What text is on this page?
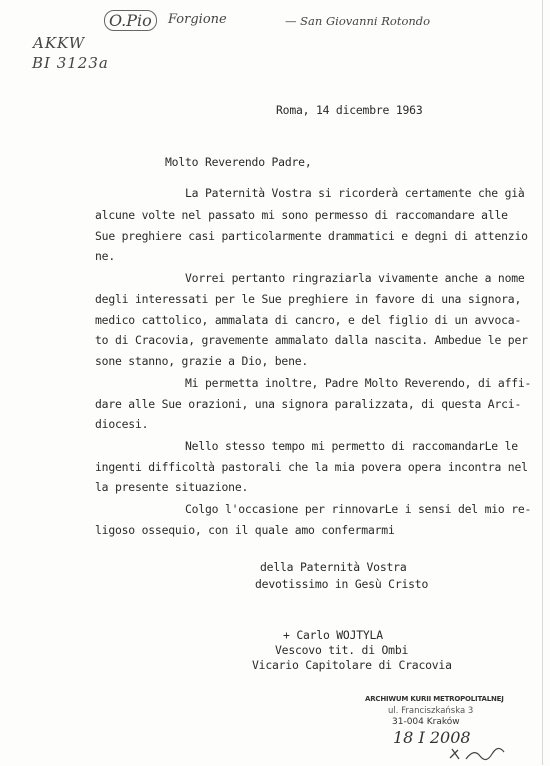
O.Pio	Forgione	— San Giovanni Rotondo
AKKW
BI 3123a
Roma, 14 dicembre 1963
Molto Reverendo Padre,
La Paternità Vostra si ricorderà certamente che già
alcune volte nel passato mi sono permesso di raccomandare alle
Sue preghiere casi particolarmente drammatici e degni di attenzio
ne.
Vorrei pertanto ringraziarla vivamente anche a nome
degli interessati per le Sue preghiere in favore di una signora,
medico cattolico, ammalata di cancro, e del figlio di un avvoca-
to di Cracovia, gravemente ammalato dalla nascita. Ambedue le per
sone stanno, grazie a Dio, bene.
Mi permetta inoltre, Padre Molto Reverendo, di affi-
dare alle Sue orazioni, una signora paralizzata, di questa Arci-
diocesi.
Nello stesso tempo mi permetto di raccomandarLe le
ingenti difficoltà pastorali che la mia povera opera incontra nel
la presente situazione.
Colgo l'occasione per rinnovarLe i sensi del mio re-
ligoso ossequio, con il quale amo confermarmi
della Paternità Vostra
devotissimo in Gesù Cristo
+ Carlo WOJTYLA
Vescovo tit. di Ombi
Vicario Capitolare di Cracovia
ARCHIWUM KURII METROPOLITALNEJ
ul. Franciszkańska 3
31-004 Kraków
18 I 2008
